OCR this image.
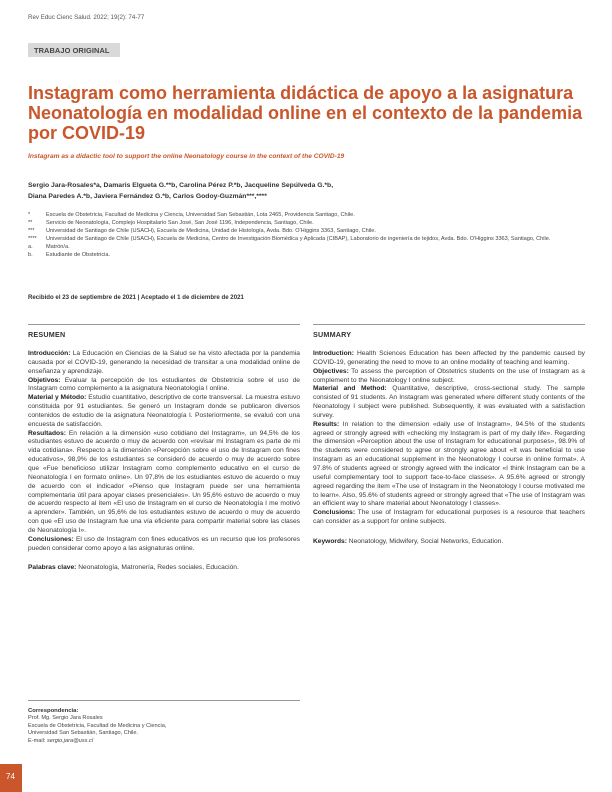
Rev Educ Cienc Salud. 2022; 19(2): 74-77
TRABAJO ORIGINAL
Instagram como herramienta didáctica de apoyo a la asignatura Neonatología en modalidad online en el contexto de la pandemia por COVID-19
Instagram as a didactic tool to support the online Neonatology course in the context of the COVID-19
Sergio Jara-Rosales*a, Damaris Elgueta G.**b, Carolina Pérez P.*b, Jacqueline Sepúlveda G.*b,
Diana Paredes A.*b, Javiera Fernández G.*b, Carlos Godoy-Guzmán***,****
*	Escuela de Obstetricia, Facultad de Medicina y Ciencia, Universidad San Sebastián, Lota 2465, Providencia Santiago, Chile.
**	Servicio de Neonatología, Complejo Hospitalario San José, San José 1196, Independencia, Santiago, Chile.
***	Universidad de Santiago de Chile (USACH), Escuela de Medicina, Unidad de Histología, Avda. Bdo. O'Higgins 3363, Santiago, Chile.
****	Universidad de Santiago de Chile (USACH), Escuela de Medicina, Centro de Investigación Biomédica y Aplicada (CIBAP), Laboratorio de ingeniería de tejidos, Avda. Bdo. O'Higgins 3363, Santiago, Chile.
a.	Matrón/a.
b.	Estudiante de Obstetricia.
Recibido el 23 de septiembre de 2021 | Aceptado el 1 de diciembre de 2021
RESUMEN

Introducción: La Educación en Ciencias de la Salud se ha visto afectada por la pandemia causada por el COVID-19, generando la necesidad de transitar a una modalidad online de enseñanza y aprendizaje.
Objetivos: Evaluar la percepción de los estudiantes de Obstetricia sobre el uso de Instagram como complemento a la asignatura Neonatología I online.
Material y Método: Estudio cuantitativo, descriptivo de corte transversal. La muestra estuvo constituida por 91 estudiantes. Se generó un Instagram donde se publicaron diversos contenidos de estudio de la asignatura Neonatología I. Posteriormente, se evaluó con una encuesta de satisfacción.
Resultados: En relación a la dimensión «uso cotidiano del Instagram», un 94,5% de los estudiantes estuvo de acuerdo o muy de acuerdo con «revisar mi Instagram es parte de mi vida cotidiana». Respecto a la dimensión «Percepción sobre el uso de Instagram con fines educativos», 98,9% de los estudiantes se consideró de acuerdo o muy de acuerdo sobre que «Fue beneficioso utilizar Instagram como complemento educativo en el curso de Neonatología I en formato online». Un 97,8% de los estudiantes estuvo de acuerdo o muy de acuerdo con el indicador «Pienso que Instagram puede ser una herramienta complementaria útil para apoyar clases presenciales». Un 95,6% estuvo de acuerdo o muy de acuerdo respecto al ítem «El uso de Instagram en el curso de Neonatología I me motivó a aprender». También, un 95,6% de los estudiantes estuvo de acuerdo o muy de acuerdo con que «El uso de Instagram fue una vía eficiente para compartir material sobre las clases de Neonatología I».
Conclusiones: El uso de Instagram con fines educativos es un recurso que los profesores pueden considerar como apoyo a las asignaturas online.

Palabras clave: Neonatología, Matronería, Redes sociales, Educación.

SUMMARY

Introduction: Health Sciences Education has been affected by the pandemic caused by COVID-19, generating the need to move to an online modality of teaching and learning.
Objectives: To assess the perception of Obstetrics students on the use of Instagram as a complement to the Neonatology I online subject.
Material and Method: Quantitative, descriptive, cross-sectional study. The sample consisted of 91 students. An Instagram was generated where different study contents of the Neonatology I subject were published. Subsequently, it was evaluated with a satisfaction survey.
Results: In relation to the dimension «daily use of Instagram», 94.5% of the students agreed or strongly agreed with «checking my Instagram is part of my daily life». Regarding the dimension «Perception about the use of Instagram for educational purposes», 98.9% of the students were considered to agree or strongly agree about «It was beneficial to use Instagram as an educational supplement in the Neonatology I course in online format». A 97.8% of students agreed or strongly agreed with the indicator «I think Instagram can be a useful complementary tool to support face-to-face classes». A 95.6% agreed or strongly agreed regarding the item «The use of Instagram in the Neonatology I course motivated me to learn». Also, 95.6% of students agreed or strongly agreed that «The use of Instagram was an efficient way to share material about Neonatology I classes».
Conclusions: The use of Instagram for educational purposes is a resource that teachers can consider as a support for online subjects.

Keywords: Neonatology, Midwifery, Social Networks, Education.

Correspondencia:
Prof. Mg. Sergio Jara Rosales
Escuela de Obstetricia, Facultad de Medicina y Ciencia,
Universidad San Sebastián, Santiago, Chile.
E-mail: sergio.jara@uss.cl
74
